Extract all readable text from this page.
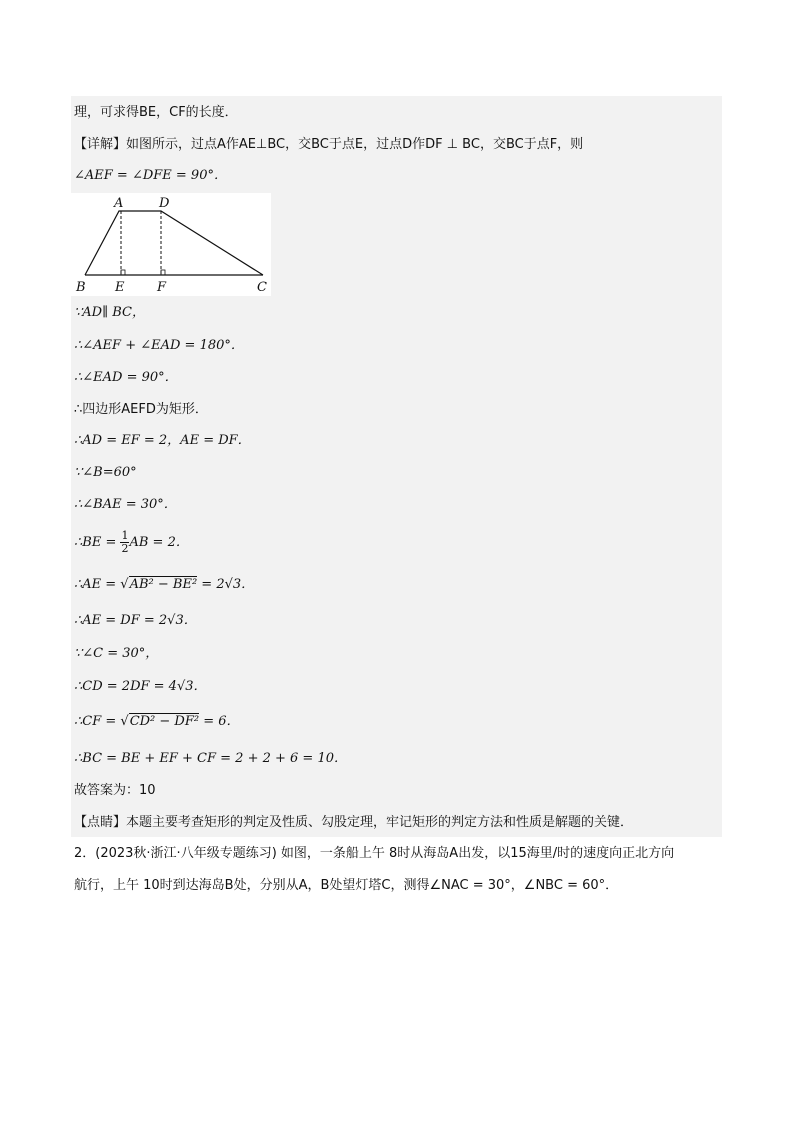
理，可求得BE，CF的长度．
【详解】如图所示，过点A作AE⊥BC，交BC于点E，过点D作DF ⊥ BC，交BC于点F，则
∠AEF = ∠DFE = 90°．
A	D
B E	F	C
∵AD∥ BC，
∴∠AEF + ∠EAD = 180°．
∴∠EAD = 90°．
∴四边形AEFD为矩形．
∴AD = EF = 2，AE = DF．
∵∠B=60°
∴∠BAE = 30°．
∴BE = $\frac{1}{2}$ AB = 2．
∴AE = √AB² − BE² = 2√3．
∴AE = DF = 2√3．
∵∠C = 30°，
∴CD = 2DF = 4√3．
∴CF = √CD² − DF² = 6．
∴BC = BE + EF + CF = 2 + 2 + 6 = 10．
故答案为：10
【点睛】本题主要考查矩形的判定及性质、勾股定理，牢记矩形的判定方法和性质是解题的关键．
2．(2023秋·浙江·八年级专题练习) 如图，一条船上午 8时从海岛A出发，以15海里/时的速度向正北方向
航行，上午 10时到达海岛B处，分别从A，B处望灯塔C，测得∠NAC = 30°，∠NBC = 60°．
